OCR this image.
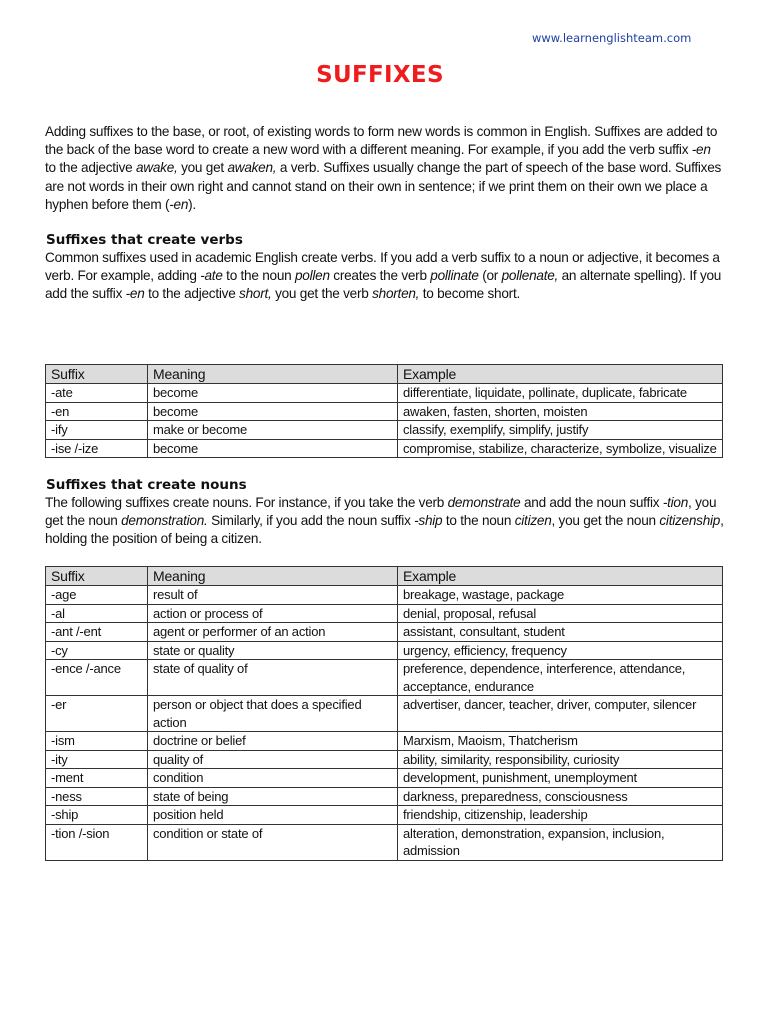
www.learnenglishteam.com
SUFFIXES
Adding suffixes to the base, or root, of existing words to form new words is common in English. Suffixes are added to the back of the base word to create a new word with a different meaning. For example, if you add the verb suffix -en to the adjective awake, you get awaken, a verb. Suffixes usually change the part of speech of the base word. Suffixes are not words in their own right and cannot stand on their own in sentence; if we print them on their own we place a hyphen before them (-en).
Suffixes that create verbs
Common suffixes used in academic English create verbs. If you add a verb suffix to a noun or adjective, it becomes a verb. For example, adding -ate to the noun pollen creates the verb pollinate (or pollenate, an alternate spelling). If you add the suffix -en to the adjective short, you get the verb shorten, to become short.
Suffix	Meaning	Example
-ate	become	differentiate, liquidate, pollinate, duplicate, fabricate
-en	become	awaken, fasten, shorten, moisten
-ify	make or become	classify, exemplify, simplify, justify
-ise /-ize	become	compromise, stabilize, characterize, symbolize, visualize
Suffixes that create nouns
The following suffixes create nouns. For instance, if you take the verb demonstrate and add the noun suffix -tion, you get the noun demonstration. Similarly, if you add the noun suffix -ship to the noun citizen, you get the noun citizenship, holding the position of being a citizen.
Suffix	Meaning	Example
-age	result of	breakage, wastage, package
-al	action or process of	denial, proposal, refusal
-ant /-ent	agent or performer of an action	assistant, consultant, student
-cy	state or quality	urgency, efficiency, frequency
-ence /-ance	state of quality of	preference, dependence, interference, attendance, acceptance, endurance
-er	person or object that does a specified action	advertiser, dancer, teacher, driver, computer, silencer
-ism	doctrine or belief	Marxism, Maoism, Thatcherism
-ity	quality of	ability, similarity, responsibility, curiosity
-ment	condition	development, punishment, unemployment
-ness	state of being	darkness, preparedness, consciousness
-ship	position held	friendship, citizenship, leadership
-tion /-sion	condition or state of	alteration, demonstration, expansion, inclusion, admission
